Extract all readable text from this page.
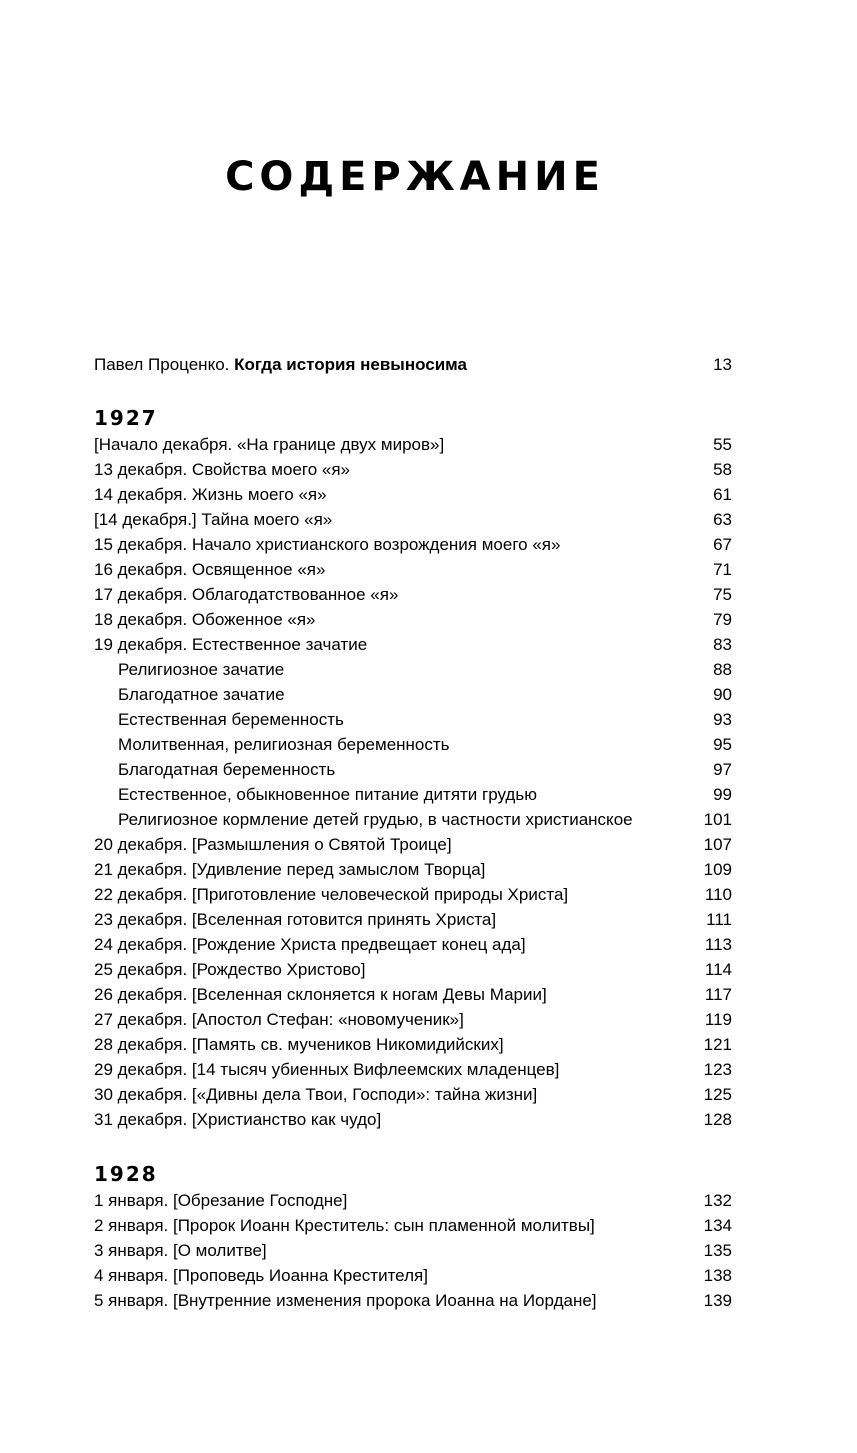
СОДЕРЖАНИЕ
Павел Проценко. Когда история невыносима	13
1927
[Начало декабря. «На границе двух миров»]	55
13 декабря. Свойства моего «я»	58
14 декабря. Жизнь моего «я»	61
[14 декабря.] Тайна моего «я»	63
15 декабря. Начало христианского возрождения моего «я»	67
16 декабря. Освященное «я»	71
17 декабря. Облагодатствованное «я»	75
18 декабря. Обоженное «я»	79
19 декабря. Естественное зачатие	83
Религиозное зачатие	88
Благодатное зачатие	90
Естественная беременность	93
Молитвенная, религиозная беременность	95
Благодатная беременность	97
Естественное, обыкновенное питание дитяти грудью	99
Религиозное кормление детей грудью, в частности христианское	101
20 декабря. [Размышления о Святой Троице]	107
21 декабря. [Удивление перед замыслом Творца]	109
22 декабря. [Приготовление человеческой природы Христа]	110
23 декабря. [Вселенная готовится принять Христа]	111
24 декабря. [Рождение Христа предвещает конец ада]	113
25 декабря. [Рождество Христово]	114
26 декабря. [Вселенная склоняется к ногам Девы Марии]	117
27 декабря. [Апостол Стефан: «новомученик»]	119
28 декабря. [Память св. мучеников Никомидийских]	121
29 декабря. [14 тысяч убиенных Вифлеемских младенцев]	123
30 декабря. [«Дивны дела Твои, Господи»: тайна жизни]	125
31 декабря. [Христианство как чудо]	128
1928
1 января. [Обрезание Господне]	132
2 января. [Пророк Иоанн Креститель: сын пламенной молитвы]	134
3 января. [О молитве]	135
4 января. [Проповедь Иоанна Крестителя]	138
5 января. [Внутренние изменения пророка Иоанна на Иордане]	139
